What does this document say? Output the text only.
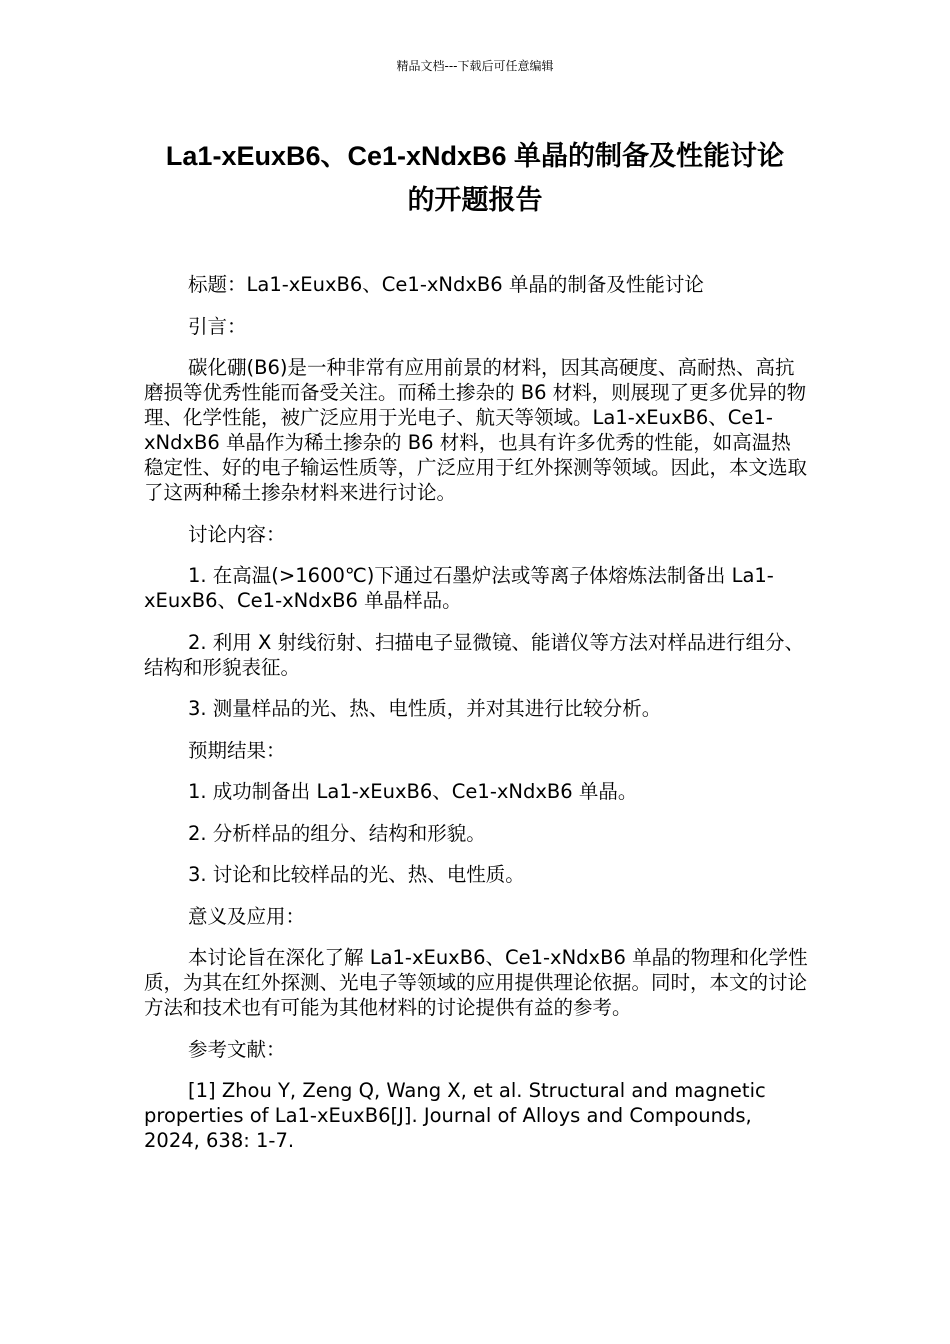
精品文档---下载后可任意编辑
La1-xEuxB6、Ce1-xNdxB6 单晶的制备及性能讨论
的开题报告

标题：La1-xEuxB6、Ce1-xNdxB6 单晶的制备及性能讨论

引言：

碳化硼(B6)是一种非常有应用前景的材料，因其高硬度、高耐热、高抗磨损等优秀性能而备受关注。而稀土掺杂的 B6 材料，则展现了更多优异的物理、化学性能，被广泛应用于光电子、航天等领域。La1-xEuxB6、Ce1-xNdxB6 单晶作为稀土掺杂的 B6 材料，也具有许多优秀的性能，如高温热稳定性、好的电子输运性质等，广泛应用于红外探测等领域。因此，本文选取了这两种稀土掺杂材料来进行讨论。

讨论内容：

1. 在高温(>1600℃)下通过石墨炉法或等离子体熔炼法制备出 La1-xEuxB6、Ce1-xNdxB6 单晶样品。

2. 利用 X 射线衍射、扫描电子显微镜、能谱仪等方法对样品进行组分、结构和形貌表征。

3. 测量样品的光、热、电性质，并对其进行比较分析。

预期结果：

1. 成功制备出 La1-xEuxB6、Ce1-xNdxB6 单晶。

2. 分析样品的组分、结构和形貌。

3. 讨论和比较样品的光、热、电性质。

意义及应用：

本讨论旨在深化了解 La1-xEuxB6、Ce1-xNdxB6 单晶的物理和化学性质，为其在红外探测、光电子等领域的应用提供理论依据。同时，本文的讨论方法和技术也有可能为其他材料的讨论提供有益的参考。

参考文献：

[1] Zhou Y, Zeng Q, Wang X, et al. Structural and magnetic properties of La1-xEuxB6[J]. Journal of Alloys and Compounds, 2024, 638: 1-7.
